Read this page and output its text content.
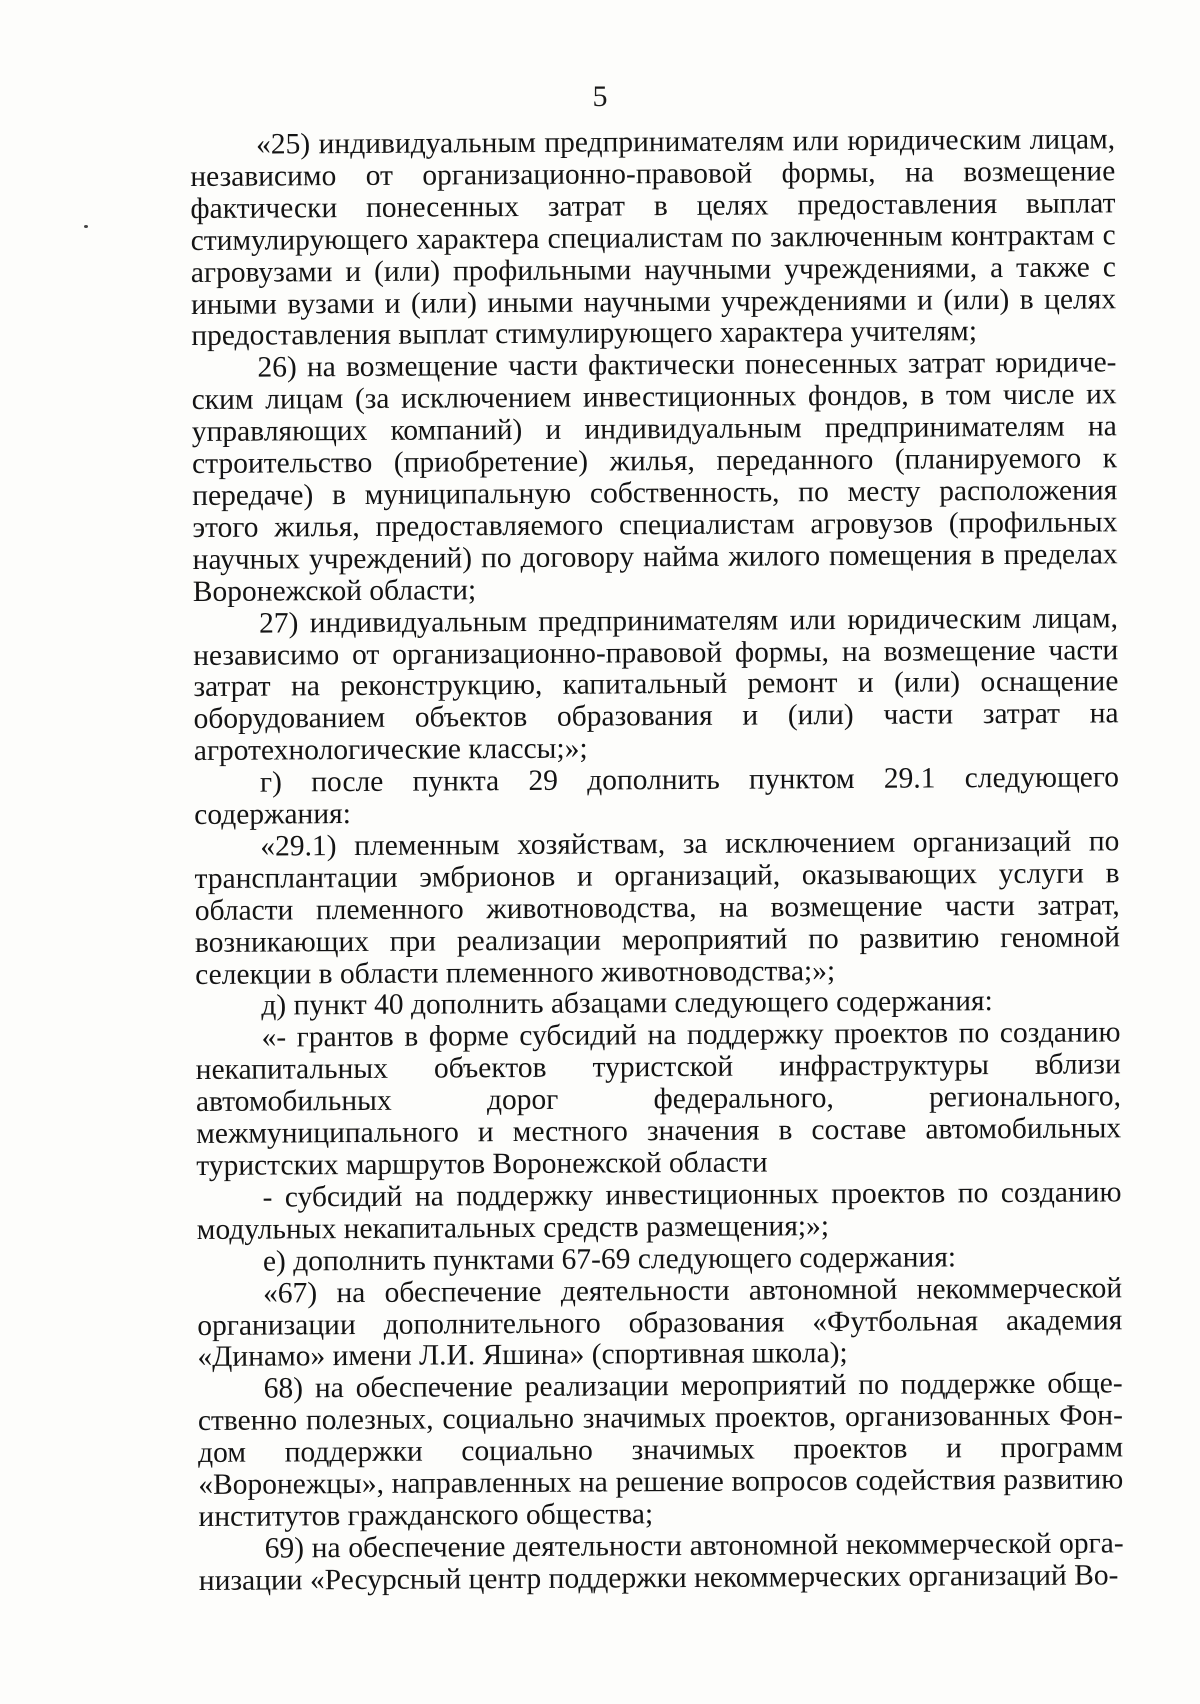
5

«25) индивидуальным предпринимателям или юридическим лицам, независимо от организационно-правовой формы, на возмещение фактически понесенных затрат в целях предоставления выплат стимулирующего характера специалистам по заключенным контрактам с агровузами и (или) профильными научными учреждениями, а также с иными вузами и (или) иными научными учреждениями и (или) в целях предоставления выплат стимулирующего характера учителям;

26) на возмещение части фактически понесенных затрат юридическим лицам (за исключением инвестиционных фондов, в том числе их управляющих компаний) и индивидуальным предпринимателям на строительство (приобретение) жилья, переданного (планируемого к передаче) в муниципальную собственность, по месту расположения этого жилья, предоставляемого специалистам агровузов (профильных научных учреждений) по договору найма жилого помещения в пределах Воронежской области;

27) индивидуальным предпринимателям или юридическим лицам, независимо от организационно-правовой формы, на возмещение части затрат на реконструкцию, капитальный ремонт и (или) оснащение оборудованием объектов образования и (или) части затрат на агротехнологические классы;»;

г) после пункта 29 дополнить пунктом 29.1 следующего содержания:

«29.1) племенным хозяйствам, за исключением организаций по трансплантации эмбрионов и организаций, оказывающих услуги в области племенного животноводства, на возмещение части затрат, возникающих при реализации мероприятий по развитию геномной селекции в области племенного животноводства;»;

д) пункт 40 дополнить абзацами следующего содержания:

«- грантов в форме субсидий на поддержку проектов по созданию некапитальных объектов туристской инфраструктуры вблизи автомобильных дорог федерального, регионального, межмуниципального и местного значения в составе автомобильных туристских маршрутов Воронежской области

- субсидий на поддержку инвестиционных проектов по созданию модульных некапитальных средств размещения;»;

е) дополнить пунктами 67-69 следующего содержания:

«67) на обеспечение деятельности автономной некоммерческой организации дополнительного образования «Футбольная академия «Динамо» имени Л.И. Яшина» (спортивная школа);

68) на обеспечение реализации мероприятий по поддержке общественно полезных, социально значимых проектов, организованных Фондом поддержки социально значимых проектов и программ «Воронежцы», направленных на решение вопросов содействия развитию институтов гражданского общества;

69) на обеспечение деятельности автономной некоммерческой организации «Ресурсный центр поддержки некоммерческих организаций Во-
